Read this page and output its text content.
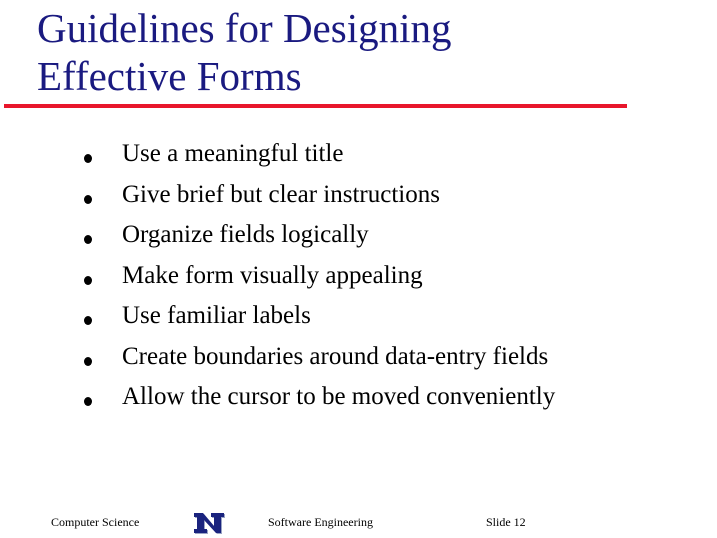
Guidelines for Designing
Effective Forms
Use a meaningful title
Give brief but clear instructions
Organize fields logically
Make form visually appealing
Use familiar labels
Create boundaries around data-entry fields
Allow the cursor to be moved conveniently
Computer Science	Software Engineering	Slide 12
